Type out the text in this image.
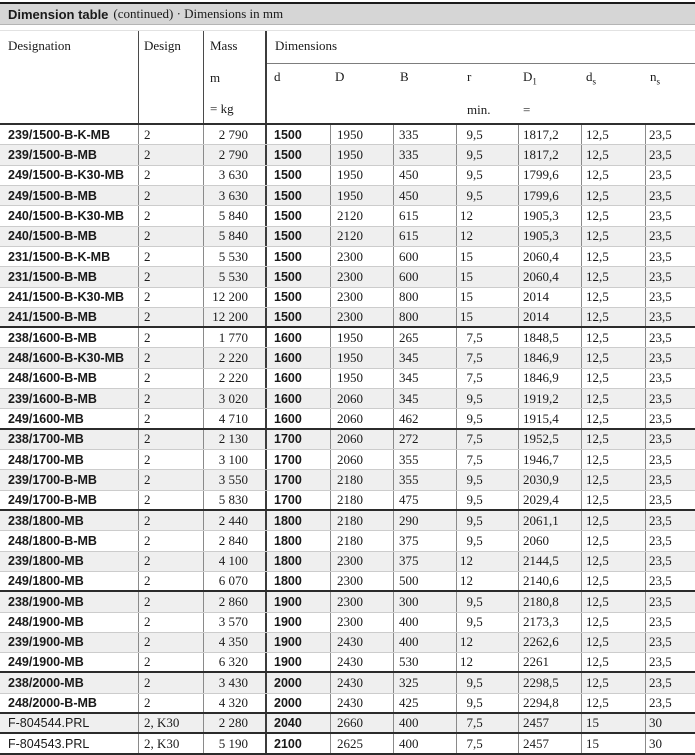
Dimension table (continued) · Dimensions in mm
Designation	Design	Mass
m
= kg
Dimensions
d	D	B	r	$D_1$	$d_s$	$n_s$
min.	=
239/1500-B-K-MB	2	2 790	1500	1950	335	 9,5	1817,2	12,5	23,5
239/1500-B-MB	2	2 790	1500	1950	335	 9,5	1817,2	12,5	23,5
249/1500-B-K30-MB	2	3 630	1500	1950	450	 9,5	1799,6	12,5	23,5
249/1500-B-MB	2	3 630	1500	1950	450	 9,5	1799,6	12,5	23,5
240/1500-B-K30-MB	2	5 840	1500	2120	615	12	1905,3	12,5	23,5
240/1500-B-MB	2	5 840	1500	2120	615	12	1905,3	12,5	23,5
231/1500-B-K-MB	2	5 530	1500	2300	600	15	2060,4	12,5	23,5
231/1500-B-MB	2	5 530	1500	2300	600	15	2060,4	12,5	23,5
241/1500-B-K30-MB	2	12 200	1500	2300	800	15	2014	12,5	23,5
241/1500-B-MB	2	12 200	1500	2300	800	15	2014	12,5	23,5
238/1600-B-MB	2	1 770	1600	1950	265	 7,5	1848,5	12,5	23,5
248/1600-B-K30-MB	2	2 220	1600	1950	345	 7,5	1846,9	12,5	23,5
248/1600-B-MB	2	2 220	1600	1950	345	 7,5	1846,9	12,5	23,5
239/1600-B-MB	2	3 020	1600	2060	345	 9,5	1919,2	12,5	23,5
249/1600-MB	2	4 710	1600	2060	462	 9,5	1915,4	12,5	23,5
238/1700-MB	2	2 130	1700	2060	272	 7,5	1952,5	12,5	23,5
248/1700-MB	2	3 100	1700	2060	355	 7,5	1946,7	12,5	23,5
239/1700-B-MB	2	3 550	1700	2180	355	 9,5	2030,9	12,5	23,5
249/1700-B-MB	2	5 830	1700	2180	475	 9,5	2029,4	12,5	23,5
238/1800-MB	2	2 440	1800	2180	290	 9,5	2061,1	12,5	23,5
248/1800-B-MB	2	2 840	1800	2180	375	 9,5	2060	12,5	23,5
239/1800-MB	2	4 100	1800	2300	375	12	2144,5	12,5	23,5
249/1800-MB	2	6 070	1800	2300	500	12	2140,6	12,5	23,5
238/1900-MB	2	2 860	1900	2300	300	 9,5	2180,8	12,5	23,5
248/1900-MB	2	3 570	1900	2300	400	 9,5	2173,3	12,5	23,5
239/1900-MB	2	4 350	1900	2430	400	12	2262,6	12,5	23,5
249/1900-MB	2	6 320	1900	2430	530	12	2261	12,5	23,5
238/2000-MB	2	3 430	2000	2430	325	 9,5	2298,5	12,5	23,5
248/2000-B-MB	2	4 320	2000	2430	425	 9,5	2294,8	12,5	23,5
F-804544.PRL	2, K30	2 280	2040	2660	400	 7,5	2457	15	30
F-804543.PRL	2, K30	5 190	2100	2625	400	 7,5	2457	15	30
